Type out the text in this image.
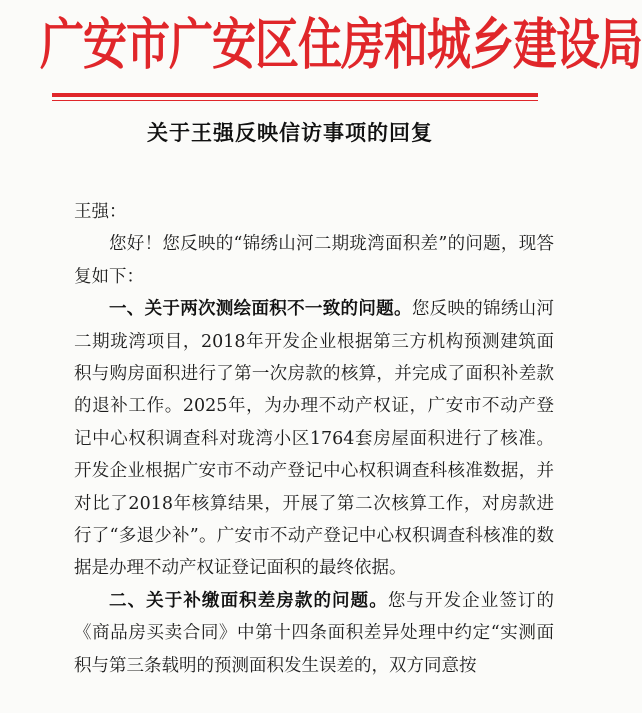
广安市广安区住房和城乡建设局
关于王强反映信访事项的回复

王强：

您好！您反映的“锦绣山河二期珑湾面积差”的问题，现答复如下：

一、关于两次测绘面积不一致的问题。您反映的锦绣山河二期珑湾项目，2018年开发企业根据第三方机构预测建筑面积与购房面积进行了第一次房款的核算，并完成了面积补差款的退补工作。2025年，为办理不动产权证，广安市不动产登记中心权积调查科对珑湾小区1764套房屋面积进行了核准。开发企业根据广安市不动产登记中心权积调查科核准数据，并对比了2018年核算结果，开展了第二次核算工作，对房款进行了“多退少补”。广安市不动产登记中心权积调查科核准的数据是办理不动产权证登记面积的最终依据。

二、关于补缴面积差房款的问题。您与开发企业签订的《商品房买卖合同》中第十四条面积差异处理中约定“实测面积与第三条载明的预测面积发生误差的，双方同意按
